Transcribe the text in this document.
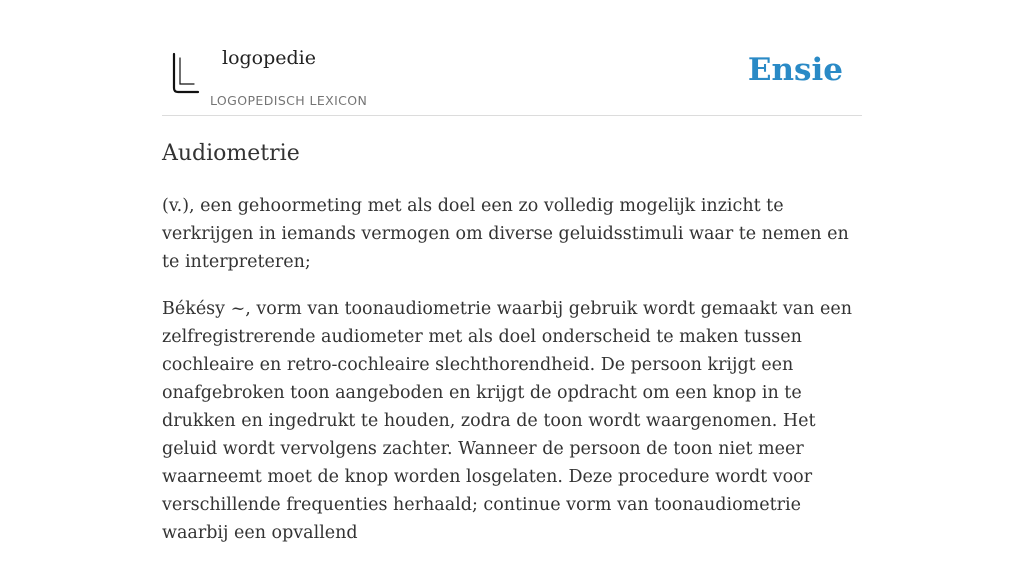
logopedie
LOGOPEDISCH LEXICON
Ensie
Audiometrie

(v.), een gehoormeting met als doel een zo volledig mogelijk inzicht te verkrijgen in iemands vermogen om diverse geluidsstimuli waar te nemen en te interpreteren;

Békésy ~, vorm van toonaudiometrie waarbij gebruik wordt gemaakt van een zelfregistrerende audiometer met als doel onderscheid te maken tussen cochleaire en retro-cochleaire slechthorendheid. De persoon krijgt een onafgebroken toon aangeboden en krijgt de opdracht om een knop in te drukken en ingedrukt te houden, zodra de toon wordt waargenomen. Het geluid wordt vervolgens zachter. Wanneer de persoon de toon niet meer waarneemt moet de knop worden losgelaten. Deze procedure wordt voor verschillende frequenties herhaald; continue vorm van toonaudiometrie waarbij een opvallend
